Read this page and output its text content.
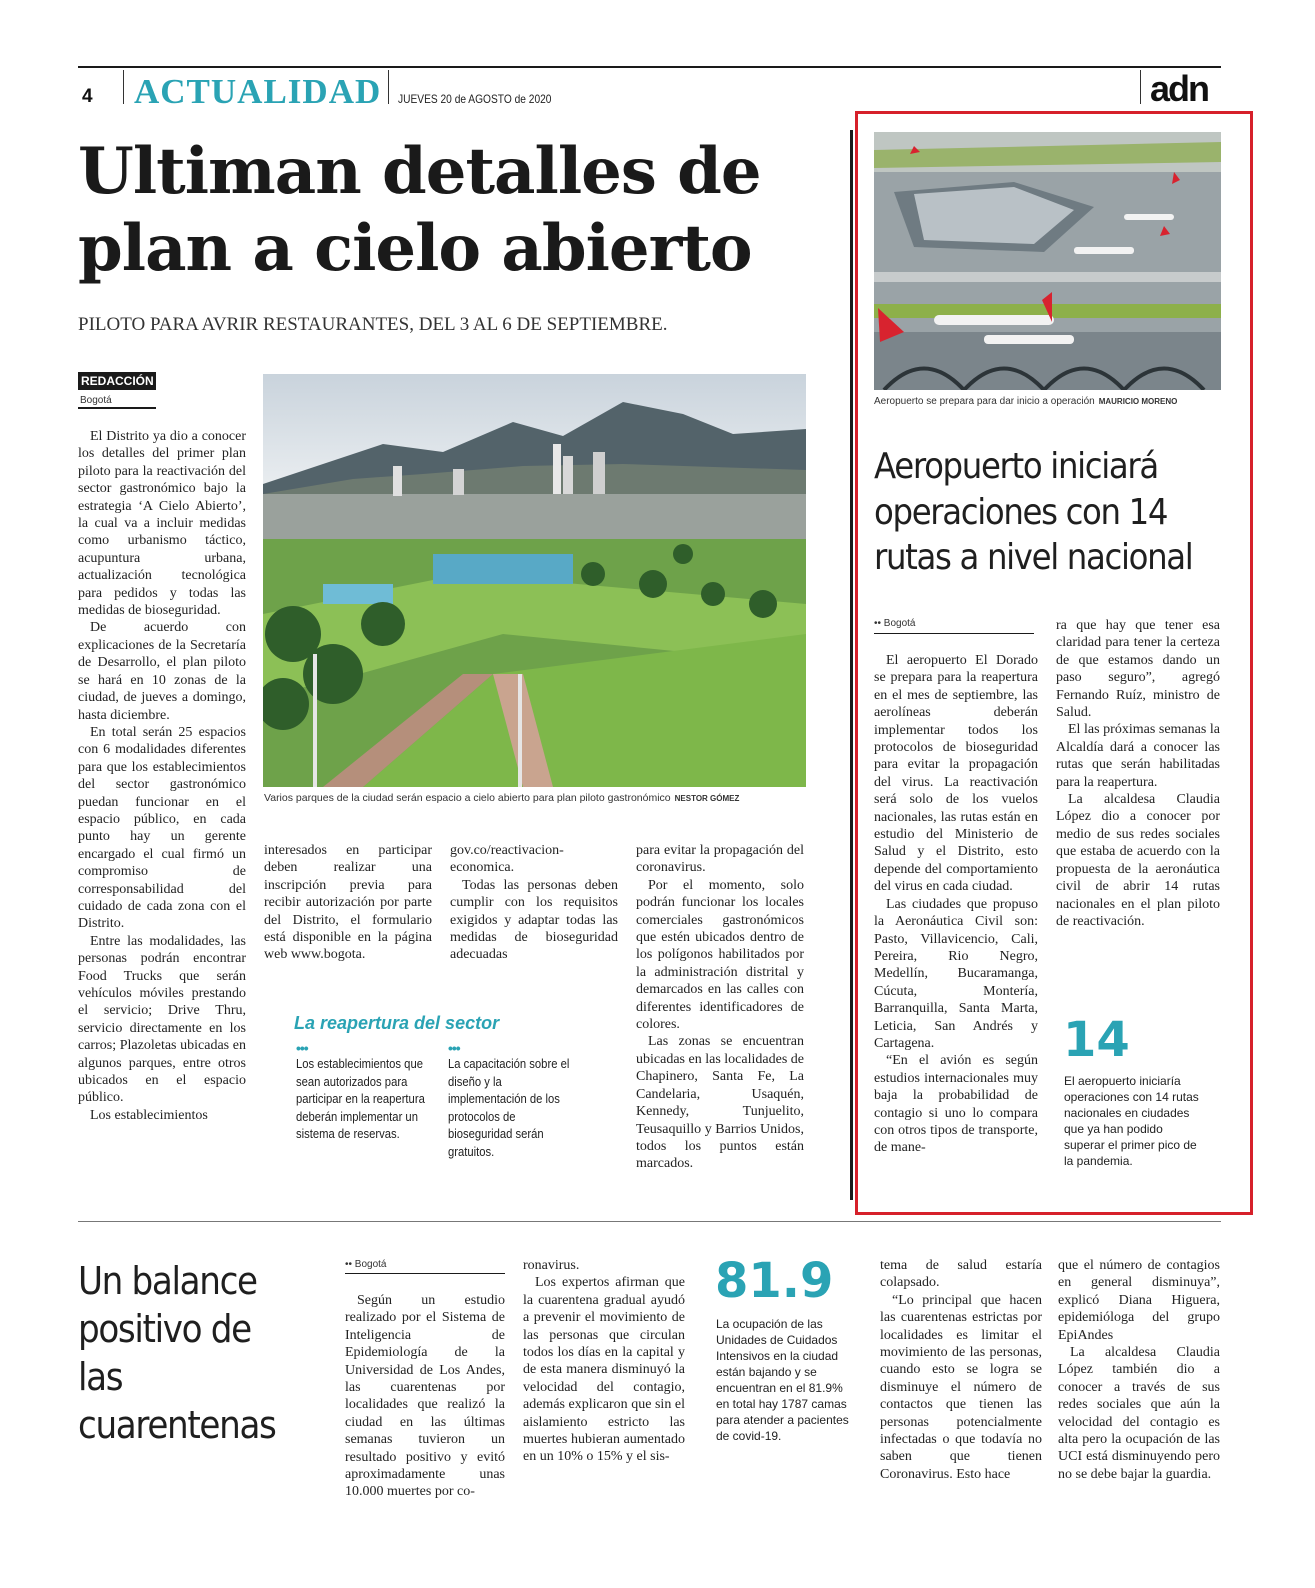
4 ACTUALIDAD JUEVES 20 de AGOSTO de 2020	adn
Ultiman detalles de plan a cielo abierto
PILOTO PARA AVRIR RESTAURANTES, DEL 3 AL 6 DE SEPTIEMBRE.
REDACCIÓN
Bogotá
Varios parques de la ciudad serán espacio a cielo abierto para plan piloto gastronómico NESTOR GÓMEZ

El Distrito ya dio a conocer los detalles del primer plan piloto para la reactivación del sector gastronómico bajo la estrategia ‘A Cielo Abierto’, la cual va a incluir medidas como urbanismo táctico, acupuntura urbana, actualización tecnológica para pedidos y todas las medidas de bioseguridad.

De acuerdo con explicaciones de la Secretaría de Desarrollo, el plan piloto se hará en 10 zonas de la ciudad, de jueves a domingo, hasta diciembre.

En total serán 25 espacios con 6 modalidades diferentes para que los establecimientos del sector gastronómico puedan funcionar en el espacio público, en cada punto hay un gerente encargado el cual firmó un compromiso de corresponsabilidad del cuidado de cada zona con el Distrito.

Entre las modalidades, las personas podrán encontrar Food Trucks que serán vehículos móviles prestando el servicio; Drive Thru, servicio directamente en los carros; Plazoletas ubicadas en algunos parques, entre otros ubicados en el espacio público.

Los establecimientos

interesados en participar deben realizar una inscripción previa para recibir autorización por parte del Distrito, el formulario está disponible en la página web www.bogota.

gov.co/reactivacion-economica.

Todas las personas deben cumplir con los requisitos exigidos y adaptar todas las medidas de bioseguridad adecuadas

para evitar la propagación del coronavirus.

Por el momento, solo podrán funcionar los locales comerciales gastronómicos que estén ubicados dentro de los polígonos habilitados por la administración distrital y demarcados en las calles con diferentes identificadores de colores.

Las zonas se encuentran ubicadas en las localidades de Chapinero, Santa Fe, La Candelaria, Usaquén, Kennedy, Tunjuelito, Teusaquillo y Barrios Unidos, todos los puntos están marcados.

La reapertura del sector
•••
Los establecimientos que sean autorizados para participar en la reapertura deberán implementar un sistema de reservas.
•••
La capacitación sobre el diseño y la implementación de los protocolos de bioseguridad serán gratuitos.
Aeropuerto se prepara para dar inicio a operación MAURICIO MORENO
Aeropuerto iniciará operaciones con 14 rutas a nivel nacional
•• Bogotá

El aeropuerto El Dorado se prepara para la reapertura en el mes de septiembre, las aerolíneas deberán implementar todos los protocolos de bioseguridad para evitar la propagación del virus. La reactivación será solo de los vuelos nacionales, las rutas están en estudio del Ministerio de Salud y el Distrito, esto depende del comportamiento del virus en cada ciudad.

Las ciudades que propuso la Aeronáutica Civil son: Pasto, Villavicencio, Cali, Pereira, Rio Negro, Medellín, Bucaramanga, Cúcuta, Montería, Barranquilla, Santa Marta, Leticia, San Andrés y Cartagena.

“En el avión es según estudios internacionales muy baja la probabilidad de contagio si uno lo compara con otros tipos de transporte, de mane-

ra que hay que tener esa claridad para tener la certeza de que estamos dando un paso seguro”, agregó Fernando Ruíz, ministro de Salud.

El las próximas semanas la Alcaldía dará a conocer las rutas que serán habilitadas para la reapertura.

La alcaldesa Claudia López dio a conocer por medio de sus redes sociales que estaba de acuerdo con la propuesta de la aeronáutica civil de abrir 14 rutas nacionales en el plan piloto de reactivación.

14
El aeropuerto iniciaría operaciones con 14 rutas nacionales en ciudades que ya han podido superar el primer pico de la pandemia.
Un balance positivo de las cuarentenas
•• Bogotá

Según un estudio realizado por el Sistema de Inteligencia de Epidemiología de la Universidad de Los Andes, las cuarentenas por localidades que realizó la ciudad en las últimas semanas tuvieron un resultado positivo y evitó aproximadamente unas 10.000 muertes por co-

ronavirus.

Los expertos afirman que la cuarentena gradual ayudó a prevenir el movimiento de las personas que circulan todos los días en la capital y de esta manera disminuyó la velocidad del contagio, además explicaron que sin el aislamiento estricto las muertes hubieran aumentado en un 10% o 15% y el sis-

81.9
La ocupación de las Unidades de Cuidados Intensivos en la ciudad están bajando y se encuentran en el 81.9% en total hay 1787 camas para atender a pacientes de covid-19.

tema de salud estaría colapsado.

“Lo principal que hacen las cuarentenas estrictas por localidades es limitar el movimiento de las personas, cuando esto se logra se disminuye el número de contactos que tienen las personas potencialmente infectadas o que todavía no saben que tienen Coronavirus. Esto hace

que el número de contagios en general disminuya”, explicó Diana Higuera, epidemióloga del grupo EpiAndes

La alcaldesa Claudia López también dio a conocer a través de sus redes sociales que aún la velocidad del contagio es alta pero la ocupación de las UCI está disminuyendo pero no se debe bajar la guardia.
